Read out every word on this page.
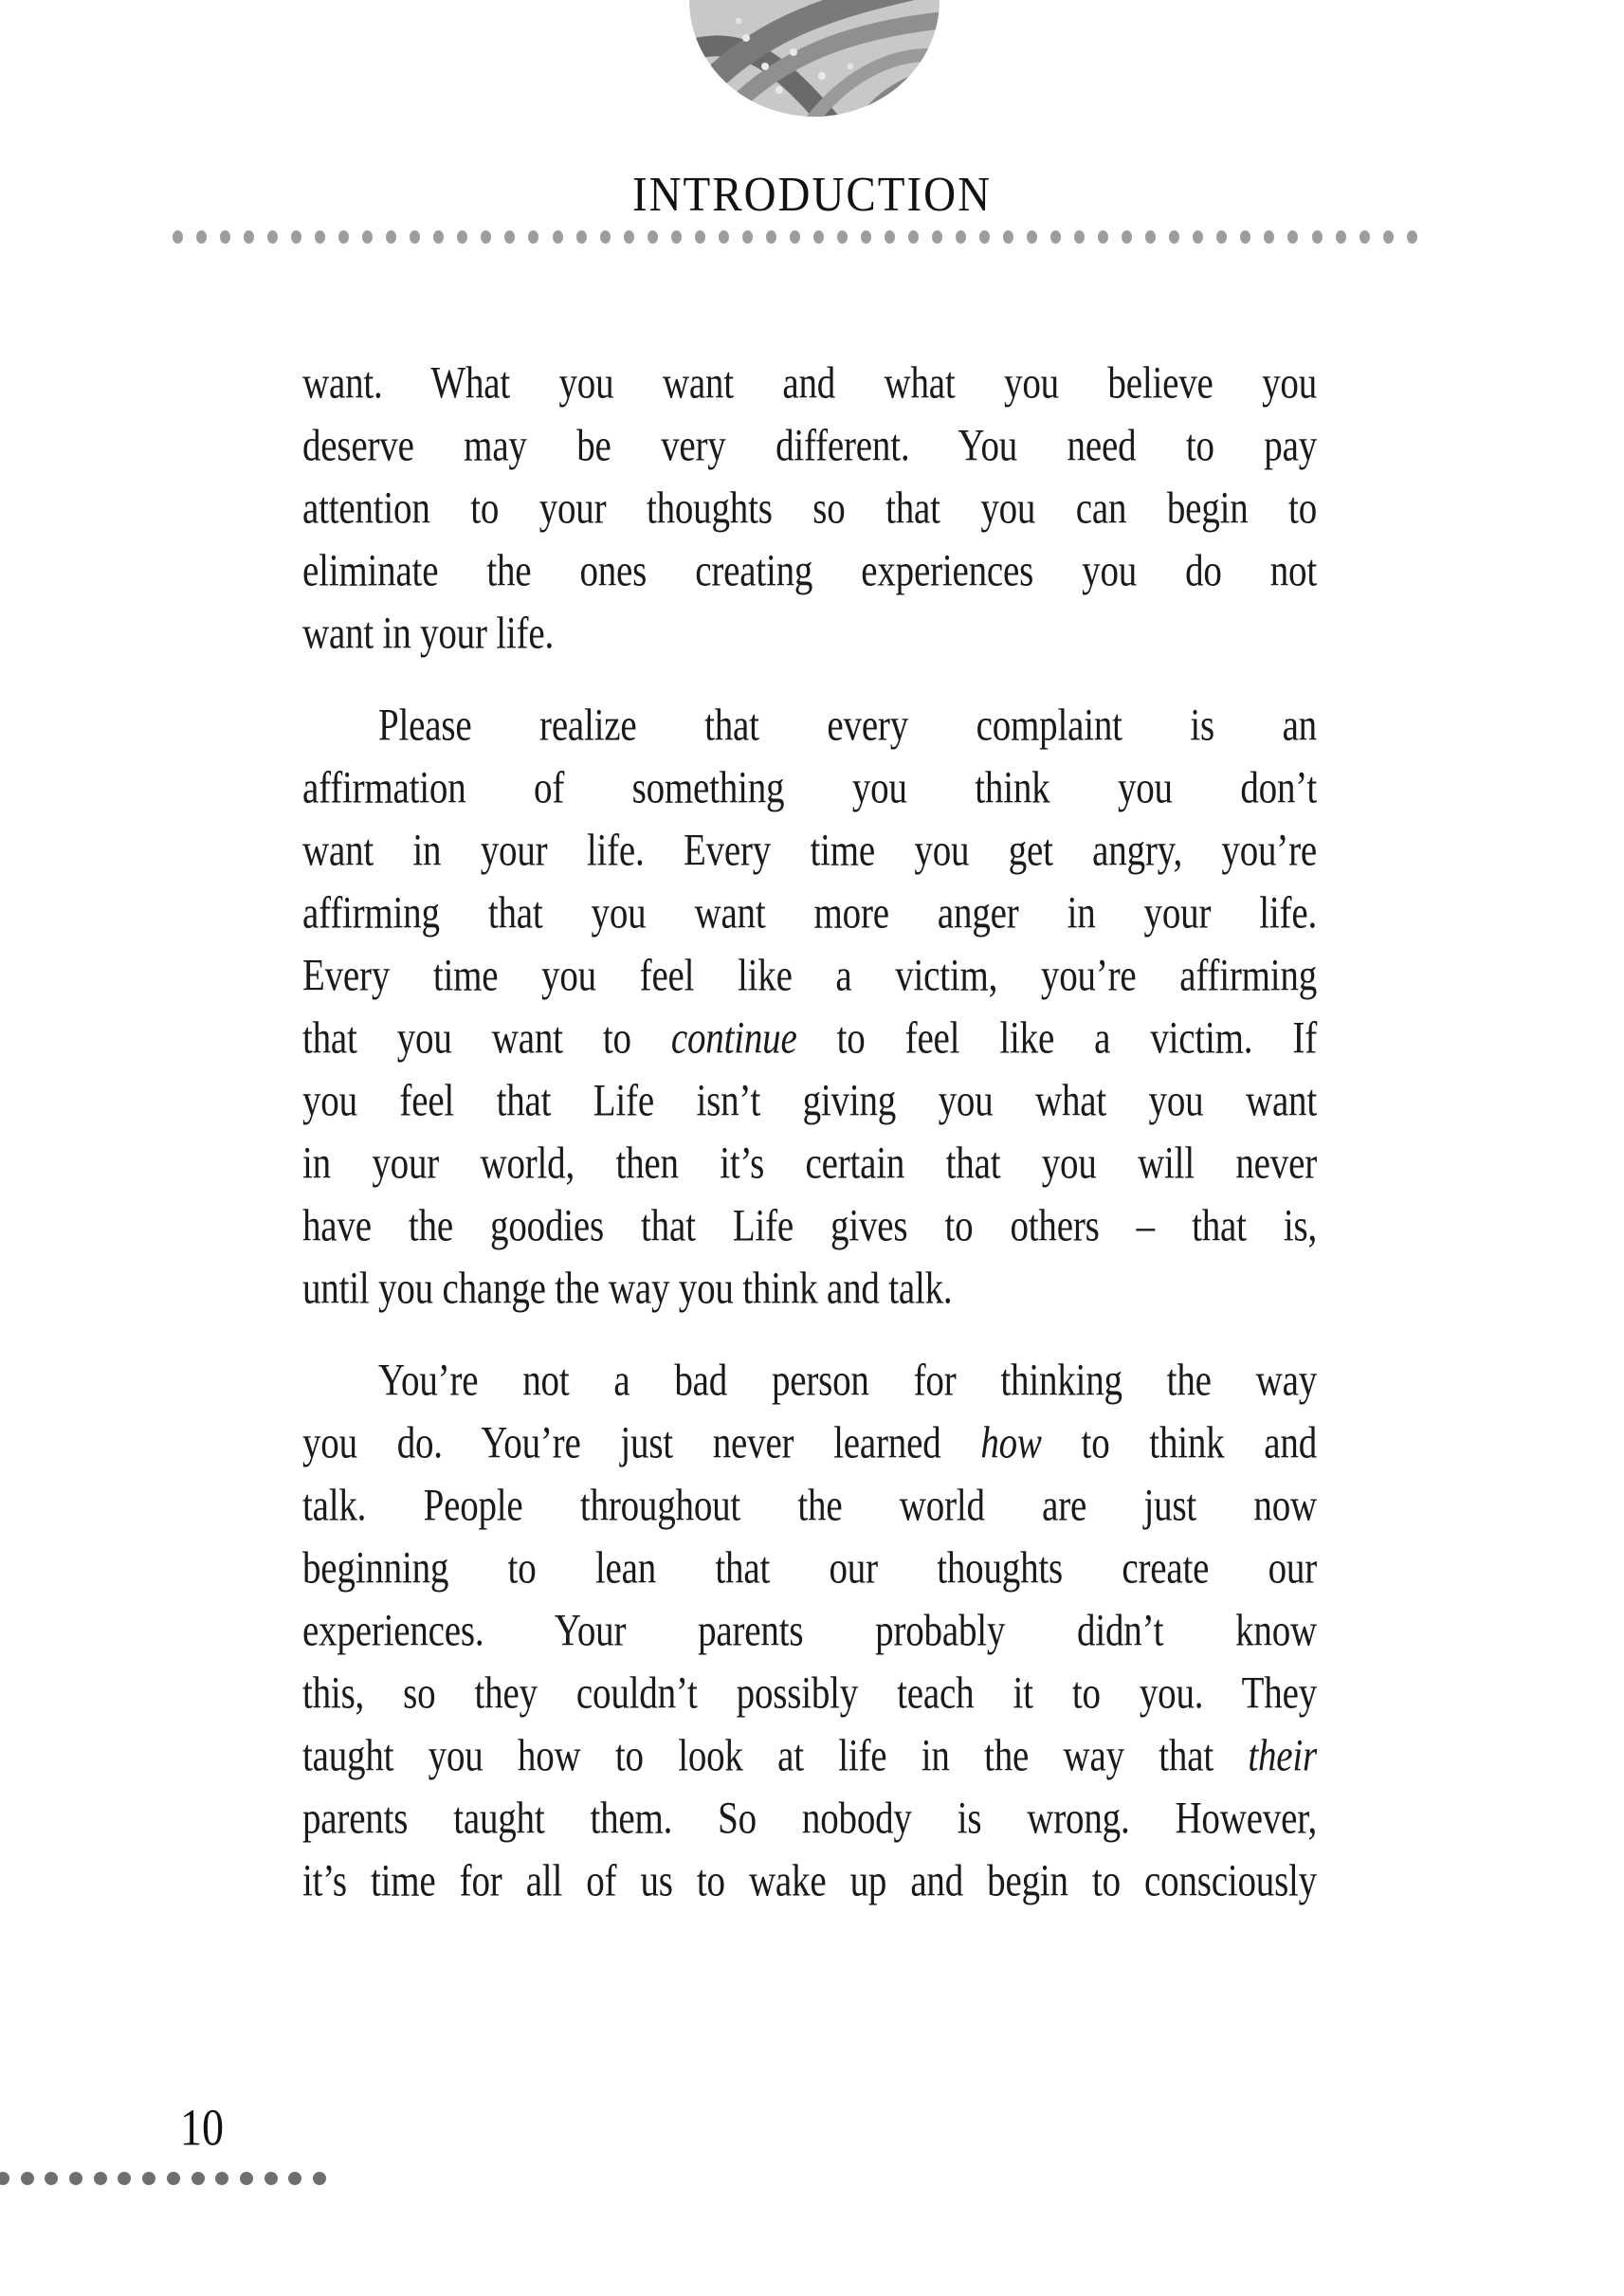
INTRODUCTION
want. What you want and what you believe you
deserve may be very different. You need to pay
attention to your thoughts so that you can begin to
eliminate the ones creating experiences you do not
want in your life.
Please realize that every complaint is an
affirmation of something you think you don’t
want in your life. Every time you get angry, you’re
affirming that you want more anger in your life.
Every time you feel like a victim, you’re affirming
that you want to continue to feel like a victim. If
you feel that Life isn’t giving you what you want
in your world, then it’s certain that you will never
have the goodies that Life gives to others – that is,
until you change the way you think and talk.
You’re not a bad person for thinking the way
you do. You’re just never learned how to think and
talk. People throughout the world are just now
beginning to lean that our thoughts create our
experiences. Your parents probably didn’t know
this, so they couldn’t possibly teach it to you. They
taught you how to look at life in the way that their
parents taught them. So nobody is wrong. However,
it’s time for all of us to wake up and begin to consciously
10
